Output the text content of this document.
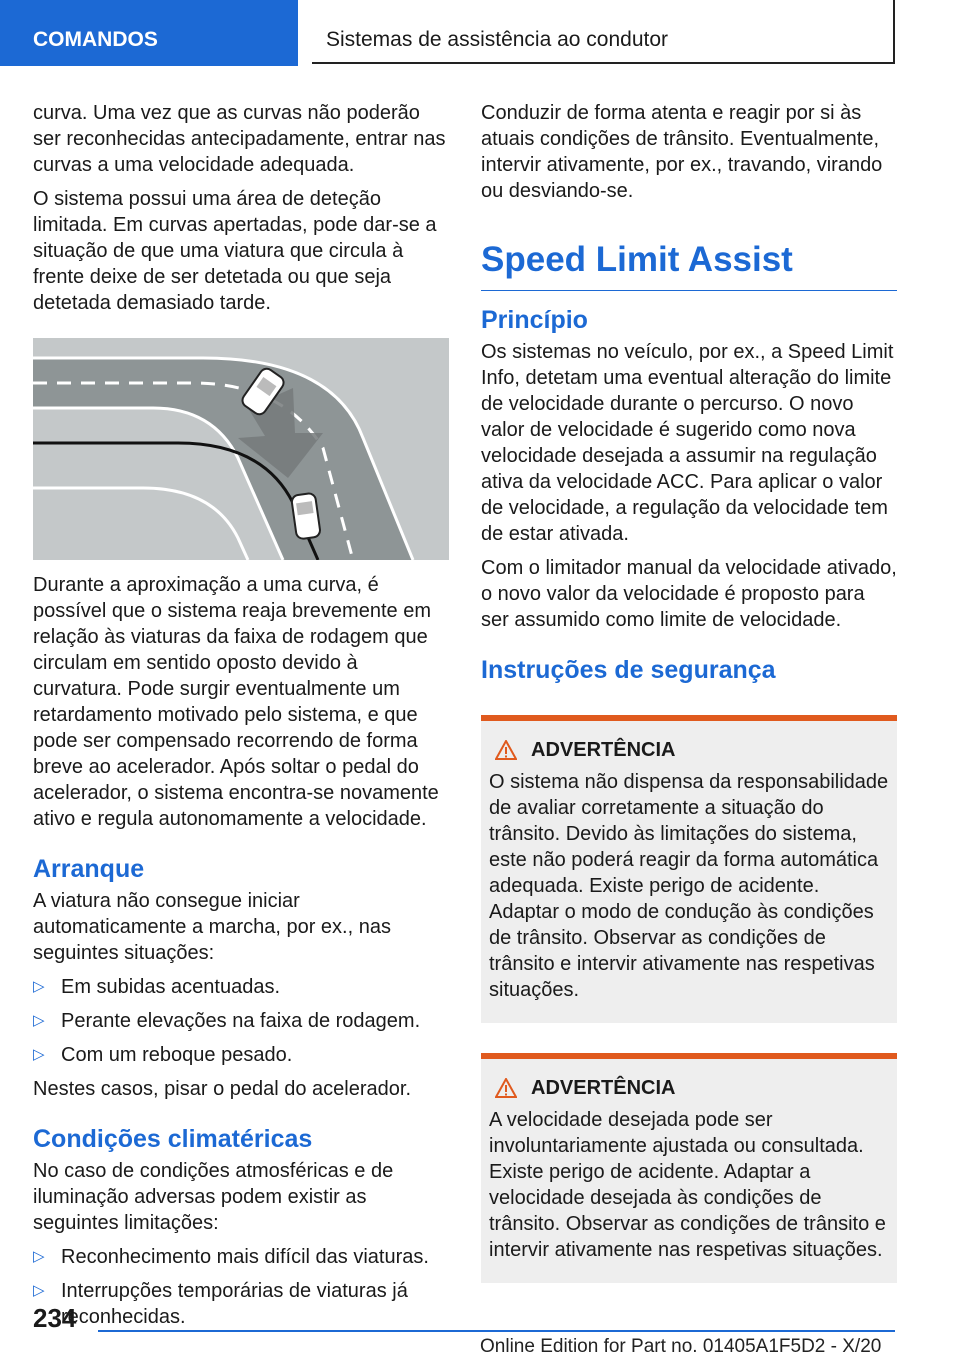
COMANDOS	Sistemas de assistência ao condutor

curva. Uma vez que as curvas não poderão ser reconhecidas antecipadamente, entrar nas curvas a uma velocidade adequada.

O sistema possui uma área de deteção limitada. Em curvas apertadas, pode dar-se a situação de que uma viatura que circula à frente deixe de ser detetada ou que seja detetada demasiado tarde.

Durante a aproximação a uma curva, é possível que o sistema reaja brevemente em relação às viaturas da faixa de rodagem que circulam em sentido oposto devido à curvatura. Pode surgir eventualmente um retardamento motivado pelo sistema, e que pode ser compensado recorrendo de forma breve ao acelerador. Após soltar o pedal do acelerador, o sistema encontra-se novamente ativo e regula autonomamente a velocidade.

Arranque

A viatura não consegue iniciar automaticamente a marcha, por ex., nas seguintes situações:

▷ Em subidas acentuadas.
▷ Perante elevações na faixa de rodagem.
▷ Com um reboque pesado.

Nestes casos, pisar o pedal do acelerador.

Condições climatéricas

No caso de condições atmosféricas e de iluminação adversas podem existir as seguintes limitações:

▷ Reconhecimento mais difícil das viaturas.
▷ Interrupções temporárias de viaturas já reconhecidas.

Conduzir de forma atenta e reagir por si às atuais condições de trânsito. Eventualmente, intervir ativamente, por ex., travando, virando ou desviando-se.

Speed Limit Assist
Princípio

Os sistemas no veículo, por ex., a Speed Limit Info, detetam uma eventual alteração do limite de velocidade durante o percurso. O novo valor de velocidade é sugerido como nova velocidade desejada a assumir na regulação ativa da velocidade ACC. Para aplicar o valor de velocidade, a regulação da velocidade tem de estar ativada.

Com o limitador manual da velocidade ativado, o novo valor da velocidade é proposto para ser assumido como limite de velocidade.

Instruções de segurança
ADVERTÊNCIA
O sistema não dispensa da responsabilidade de avaliar corretamente a situação do trânsito. Devido às limitações do sistema, este não poderá reagir da forma automática adequada. Existe perigo de acidente. Adaptar o modo de condução às condições de trânsito. Observar as condições de trânsito e intervir ativamente nas respetivas situações.
ADVERTÊNCIA
A velocidade desejada pode ser involuntariamente ajustada ou consultada. Existe perigo de acidente. Adaptar a velocidade desejada às condições de trânsito. Observar as condições de trânsito e intervir ativamente nas respetivas situações.
234
Online Edition for Part no. 01405A1F5D2 - X/20
